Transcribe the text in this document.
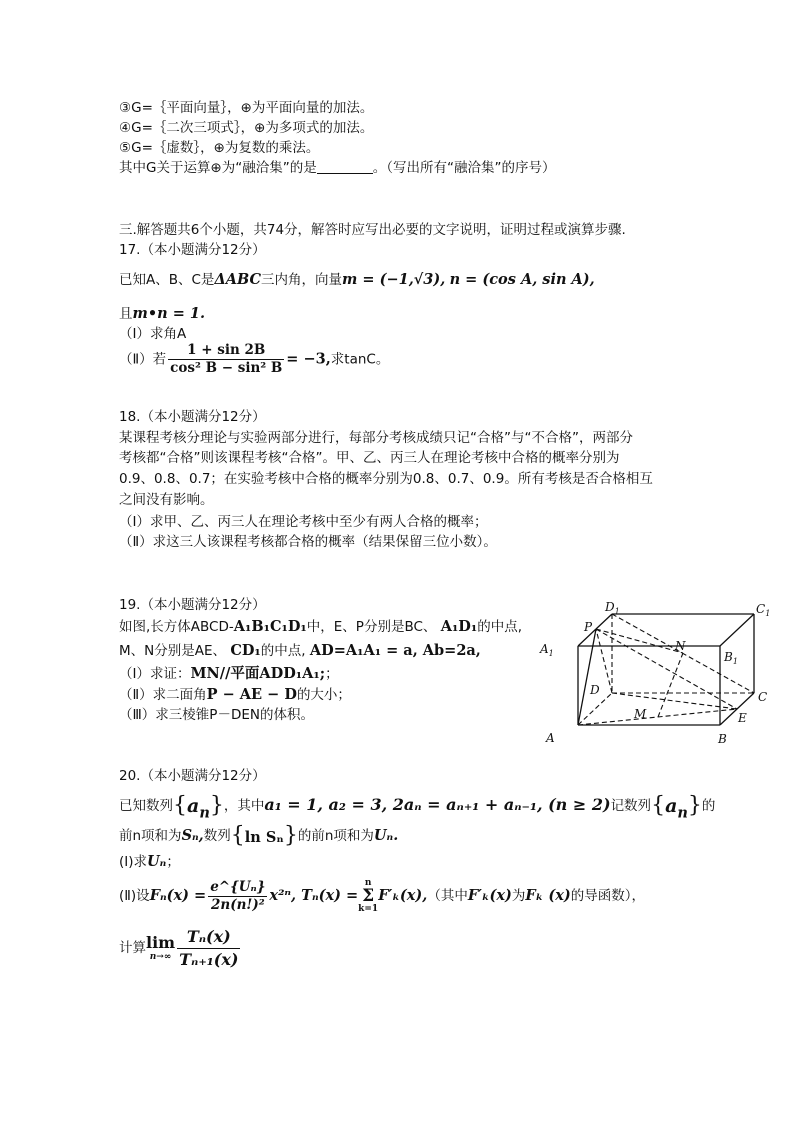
③G=｛平面向量｝，⊕为平面向量的加法。
④G=｛二次三项式｝，⊕为多项式的加法。
⑤G=｛虚数｝，⊕为复数的乘法。
其中G关于运算⊕为“融洽集”的是	。（写出所有“融洽集”的序号）
三.解答题共6个小题，共74分，解答时应写出必要的文字说明，证明过程或演算步骤.
17.（本小题满分12分）
已知A、B、C是ΔABC三内角，向量m = (−1,√3), n = (cos A, sin A),
且m•n = 1.
（Ⅰ）求角A
（Ⅱ）若 $\frac{1 + \sin 2B}{\text{cos² B − sin² B}} = -3$,求tanC。
18.（本小题满分12分）
某课程考核分理论与实验两部分进行，每部分考核成绩只记“合格”与“不合格”，两部分
考核都“合格”则该课程考核“合格”。甲、乙、丙三人在理论考核中合格的概率分别为
0.9、0.8、0.7；在实验考核中合格的概率分别为0.8、0.7、0.9。所有考核是否合格相互
之间没有影响。
（Ⅰ）求甲、乙、丙三人在理论考核中至少有两人合格的概率；
（Ⅱ）求这三人该课程考核都合格的概率（结果保留三位小数）。
19.（本小题满分12分）
如图,长方体ABCD-A₁B₁C₁D₁中，E、P分别是BC、 A₁D₁的中点,
M、N分别是AE、 CD₁的中点, AD=A₁A₁ = a, Ab=2a,
（Ⅰ）求证：MN//平面ADD₁A₁;；
（Ⅱ）求二面角P − AE − D的大小；
（Ⅲ）求三棱锥P－DEN的体积。
$D_1$	$C_1$
$A_1$	$B_1$
P
N
D	C
M	E
A	B
20.（本小题满分12分）
已知数列$\{a_n\}$，其中a₁ = 1, a₂ = 3, 2aₙ = aₙ₊₁ + aₙ₋₁, (n ≥ 2)记数列$\{a_n\}$的
前n项和为Sₙ,数列{ln Sₙ}的前n项和为Uₙ.
(Ⅰ)求Uₙ；
(Ⅱ)设$F_n(x) = \frac{\text{e\textasciicircum{}\{Uₙ\}}}{\text{2n(n!)²}} x^{2n}$, Tₙ(x) =
n
Σ
k=1
F′ₖ(x),（其中F′ₖ(x)为Fₖ (x)的导函数），
计算 lim
$n\to\infty \frac{\text{Tₙ(x)}}{\text{Tₙ₊₁(x)}}$
